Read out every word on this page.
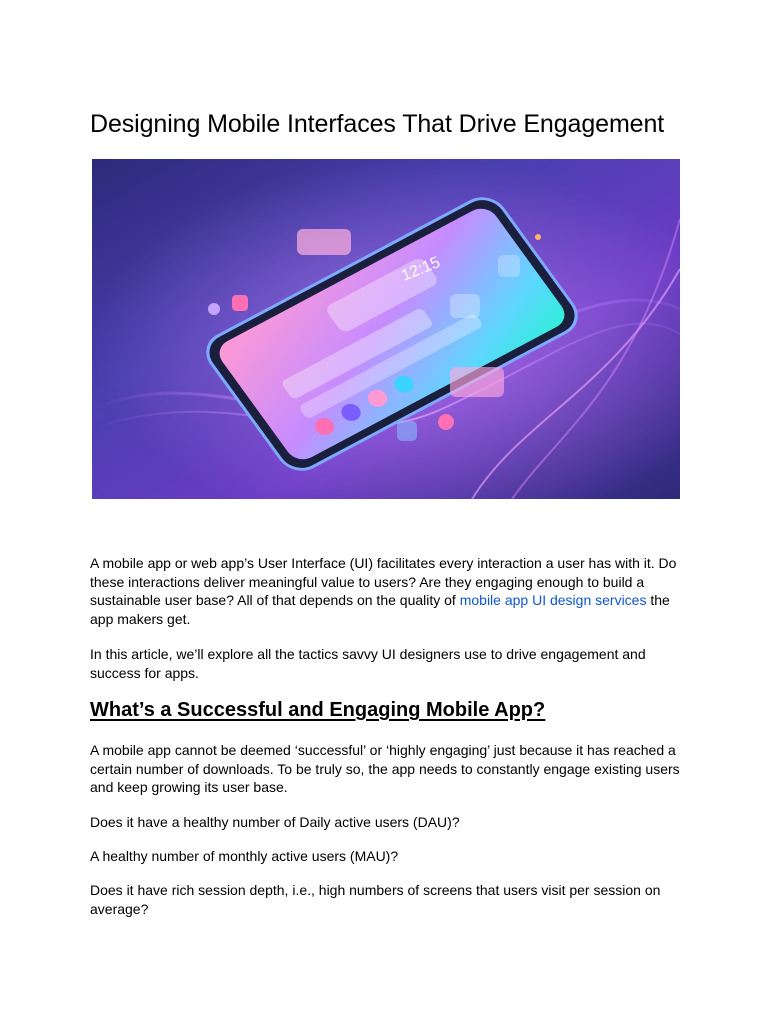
Designing Mobile Interfaces That Drive Engagement
12:15

A mobile app or web app’s User Interface (UI) facilitates every interaction a user has with it. Do these interactions deliver meaningful value to users? Are they engaging enough to build a sustainable user base? All of that depends on the quality of mobile app UI design services the app makers get.

In this article, we’ll explore all the tactics savvy UI designers use to drive engagement and success for apps.

What’s a Successful and Engaging Mobile App?

A mobile app cannot be deemed ‘successful’ or ‘highly engaging’ just because it has reached a certain number of downloads. To be truly so, the app needs to constantly engage existing users and keep growing its user base.

Does it have a healthy number of Daily active users (DAU)?

A healthy number of monthly active users (MAU)?

Does it have rich session depth, i.e., high numbers of screens that users visit per session on average?
